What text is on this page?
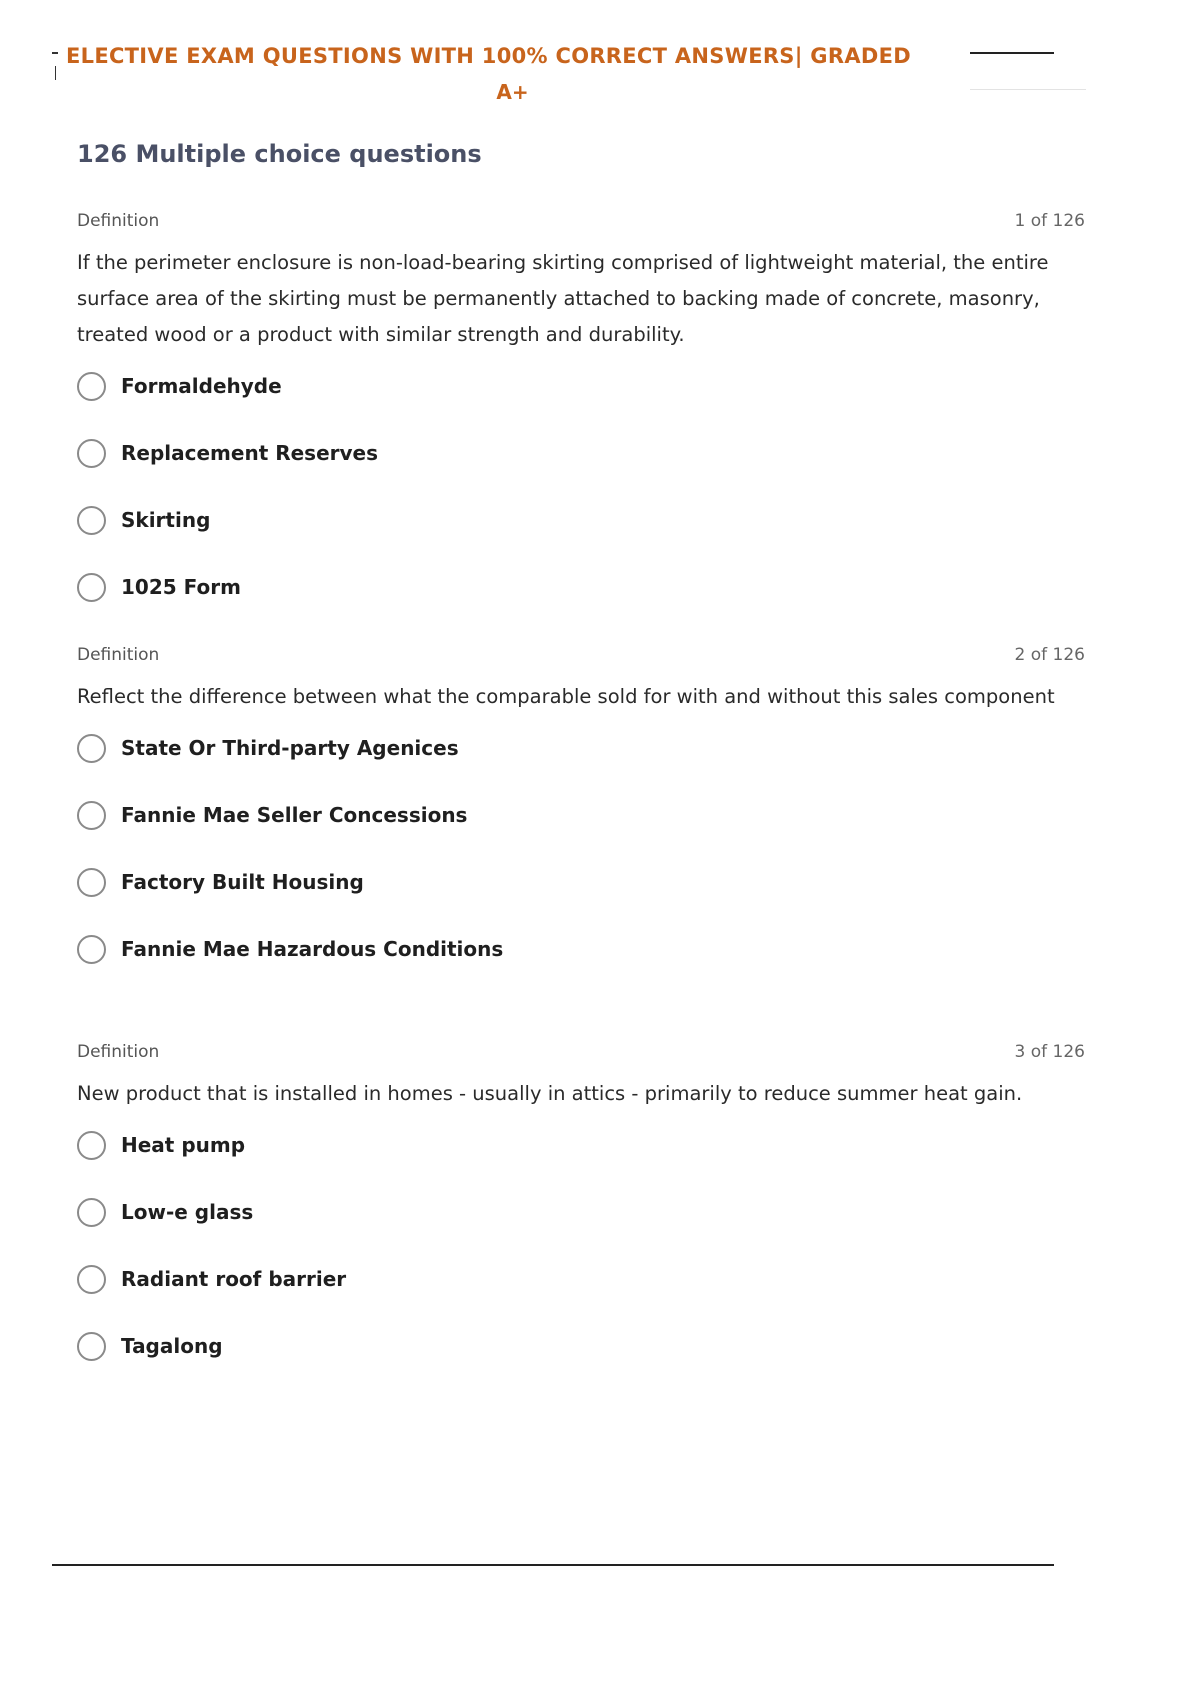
ELECTIVE EXAM QUESTIONS WITH 100% CORRECT ANSWERS| GRADED
A+
126 Multiple choice questions
Definition	1 of 126
If the perimeter enclosure is non-load-bearing skirting comprised of lightweight material, the entire surface area of the skirting must be permanently attached to backing made of concrete, masonry, treated wood or a product with similar strength and durability.
Formaldehyde
Replacement Reserves
Skirting
1025 Form
Definition	2 of 126
Reflect the difference between what the comparable sold for with and without this sales component
State Or Third-party Agenices
Fannie Mae Seller Concessions
Factory Built Housing
Fannie Mae Hazardous Conditions
Definition	3 of 126
New product that is installed in homes - usually in attics - primarily to reduce summer heat gain.
Heat pump
Low-e glass
Radiant roof barrier
Tagalong
